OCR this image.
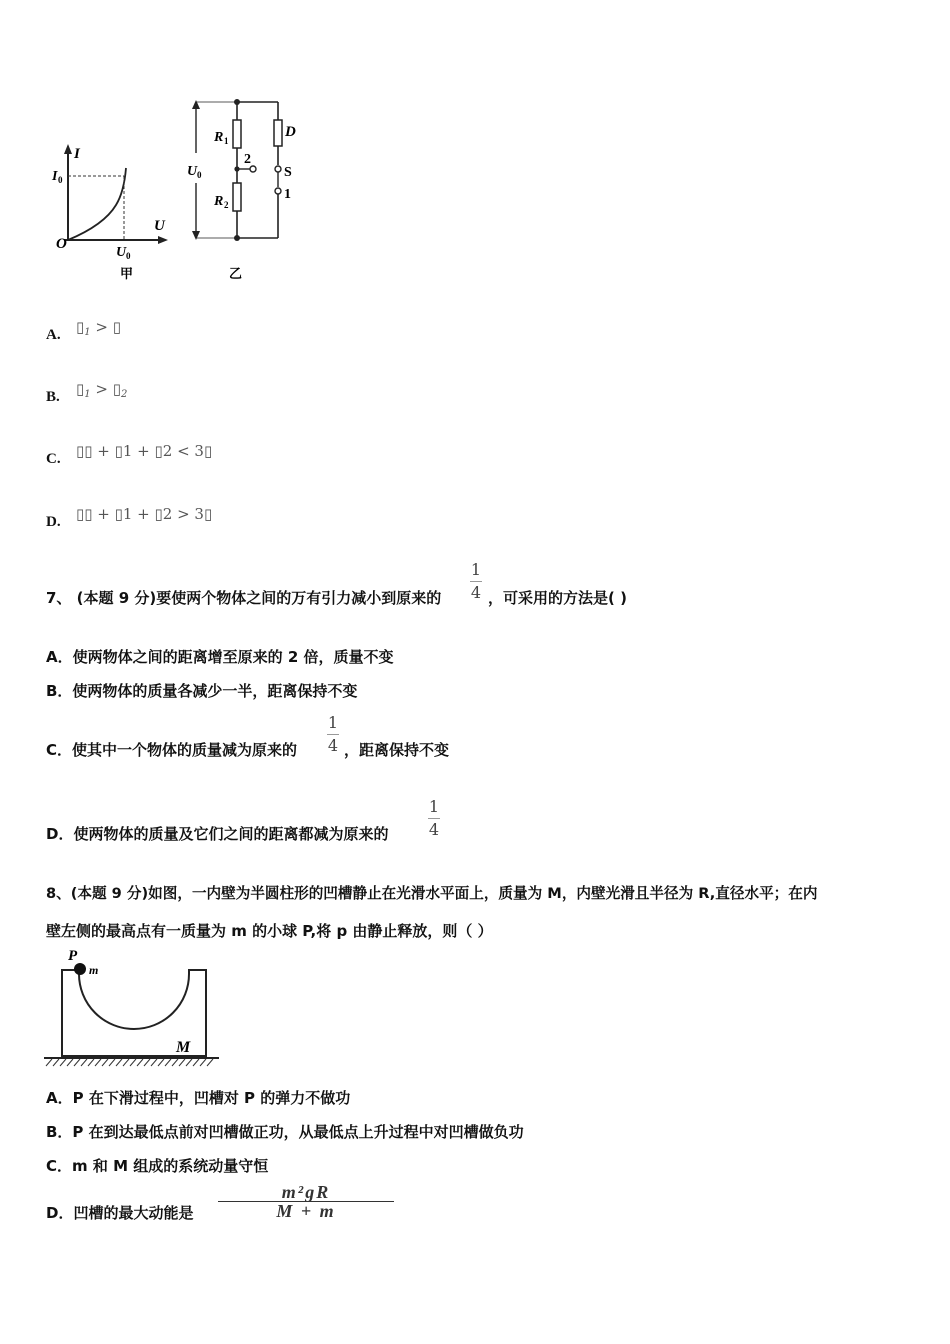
I
U
O
I 0
U 0
甲
U 0
R 1
R 2
D
S
2
1
乙
A. $▯_1$ > ▯
B. $▯_1$ > $▯_2$
C. ▯▯ + ▯1 + ▯2 < 3▯
D. ▯▯ + ▯1 + ▯2 > 3▯
7、 (本题 9 分)要使两个物体之间的万有引力减小到原来的
1
4 ，可采用的方法是( )
A．使两物体之间的距离增至原来的 2 倍，质量不变
B．使两物体的质量各减少一半，距离保持不变
C．使其中一个物体的质量减为原来的
1
4 ，距离保持不变
D．使两物体的质量及它们之间的距离都减为原来的
1
4
8、(本题 9 分)如图，一内壁为半圆柱形的凹槽静止在光滑水平面上，质量为 M，内壁光滑且半径为 R,直径水平；在内
壁左侧的最高点有一质量为 m 的小球 P,将 p 由静止释放，则（ ）
P
m
M
A．P 在下滑过程中，凹槽对 P 的弹力不做功
B．P 在到达最低点前对凹槽做正功，从最低点上升过程中对凹槽做负功
C．m 和 M 组成的系统动量守恒
D．凹槽的最大动能是
m²gR
M + m
